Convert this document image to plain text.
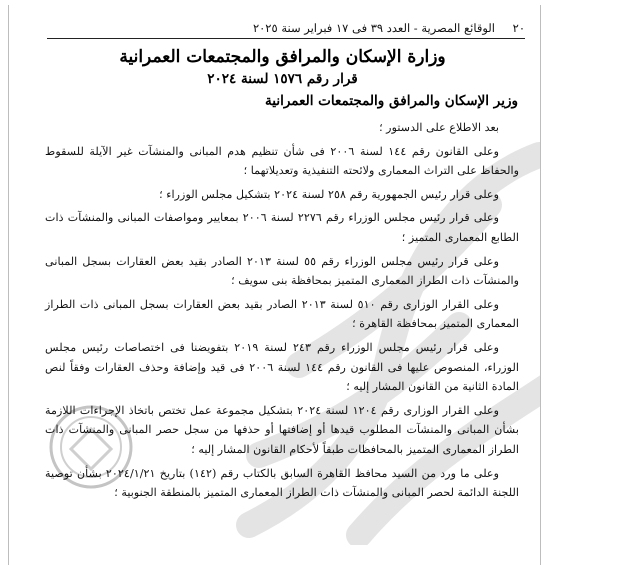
٢٠
الوقائع المصرية - العدد ٣٩ فى ١٧ فبراير سنة ٢٠٢٥
وزارة الإسكان والمرافق والمجتمعات العمرانية
قرار رقم ١٥٧٦ لسنة ٢٠٢٤
وزير الإسكان والمرافق والمجتمعات العمرانية

بعد الاطلاع على الدستور ؛

وعلى القانون رقم ١٤٤ لسنة ٢٠٠٦ فى شأن تنظيم هدم المبانى والمنشآت غير الآيلة للسقوط والحفاظ على التراث المعمارى ولائحته التنفيذية وتعديلاتهما ؛

وعلى قرار رئيس الجمهورية رقم ٢٥٨ لسنة ٢٠٢٤ بتشكيل مجلس الوزراء ؛

وعلى قرار رئيس مجلس الوزراء رقم ٢٢٧٦ لسنة ٢٠٠٦ بمعايير ومواصفات المبانى والمنشآت ذات الطابع المعمارى المتميز ؛

وعلى قرار رئيس مجلس الوزراء رقم ٥٥ لسنة ٢٠١٣ الصادر بقيد بعض العقارات بسجل المبانى والمنشآت ذات الطراز المعمارى المتميز بمحافظة بنى سويف ؛

وعلى القرار الوزارى رقم ٥١٠ لسنة ٢٠١٣ الصادر بقيد بعض العقارات بسجل المبانى ذات الطراز المعمارى المتميز بمحافظة القاهرة ؛

وعلى قرار رئيس مجلس الوزراء رقم ٢٤٣ لسنة ٢٠١٩ بتفويضنا فى اختصاصات رئيس مجلس الوزراء، المنصوص عليها فى القانون رقم ١٤٤ لسنة ٢٠٠٦ فى قيد وإضافة وحذف العقارات وفقاً لنص المادة الثانية من القانون المشار إليه ؛

وعلى القرار الوزارى رقم ١٢٠٤ لسنة ٢٠٢٤ بتشكيل مجموعة عمل تختص باتخاذ الإجراءات اللازمة بشأن المبانى والمنشآت المطلوب قيدها أو إضافتها أو حذفها من سجل حصر المبانى والمنشآت ذات الطراز المعمارى المتميز بالمحافظات طبقاً لأحكام القانون المشار إليه ؛

وعلى ما ورد من السيد محافظ القاهرة السابق بالكتاب رقم (١٤٢) بتاريخ ٢٠٢٤/١/٢١ بشأن توصية اللجنة الدائمة لحصر المبانى والمنشآت ذات الطراز المعمارى المتميز بالمنطقة الجنوبية ؛
